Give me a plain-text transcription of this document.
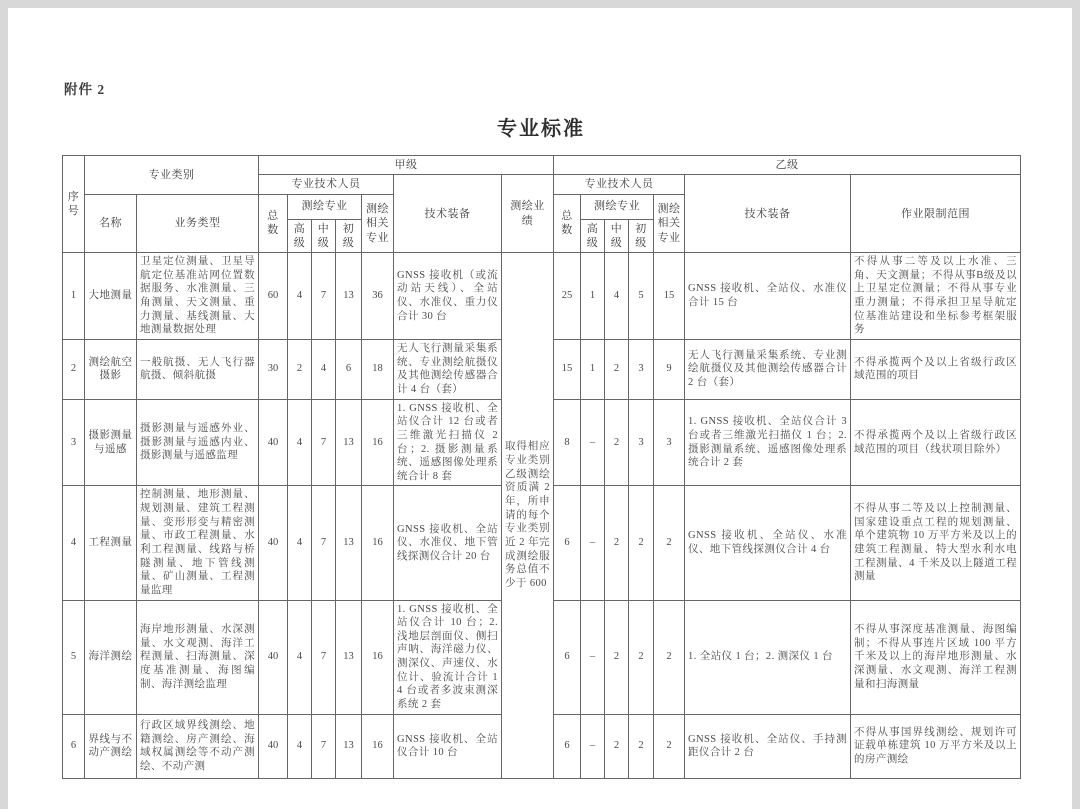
附件 2

专业标准
序号	专业类别		甲级							乙级						
			专业技术人员					技术装备	测绘业绩	专业技术人员					技术装备	作业限制范围
	名称	业务类型	总数	测绘专业			测绘相关专业			总数	测绘专业			测绘相关专业		
				高级	中级	初级					高级	中级	初级			
1	大地测量	卫星定位测量、卫星导航定位基准站网位置数据服务、水准测量、三角测量、天文测量、重力测量、基线测量、大地测量数据处理	60	4	7	13	36	GNSS 接收机（或流动站天线）、全站仪、水准仪、重力仪合计 30 台	取得相应专业类别乙级测绘资质满 2 年，所申请的每个专业类别近 2 年完成测绘服务总值不少于 600	25	1	4	5	15	GNSS 接收机、全站仪、水准仪合计 15 台	不得从事二等及以上水准、三角、天文测量；不得从事B级及以上卫星定位测量；不得从事专业重力测量；不得承担卫星导航定位基准站建设和坐标参考框架服务
2	测绘航空摄影	一般航摄、无人飞行器航摄、倾斜航摄	30	2	4	6	18	无人飞行测量采集系统、专业测绘航摄仪及其他测绘传感器合计 4 台（套）		15	1	2	3	9	无人飞行测量采集系统、专业测绘航摄仪及其他测绘传感器合计 2 台（套）	不得承揽两个及以上省级行政区域范围的项目
3	摄影测量与遥感	摄影测量与遥感外业、摄影测量与遥感内业、摄影测量与遥感监理	40	4	7	13	16	1. GNSS 接收机、全站仪合计 12 台或者三维激光扫描仪 2 台；2. 摄影测量系统、遥感图像处理系统合计 8 套		8	–	2	3	3	1. GNSS 接收机、全站仪合计 3 台或者三维激光扫描仪 1 台；2. 摄影测量系统、遥感图像处理系统合计 2 套	不得承揽两个及以上省级行政区域范围的项目（线状项目除外）
4	工程测量	控制测量、地形测量、规划测量、建筑工程测量、变形形变与精密测量、市政工程测量、水利工程测量、线路与桥隧测量、地下管线测量、矿山测量、工程测量监理	40	4	7	13	16	GNSS 接收机、全站仪、水准仪、地下管线探测仪合计 20 台		6	–	2	2	2	GNSS 接收机、全站仪、水准仪、地下管线探测仪合计 4 台	不得从事二等及以上控制测量、国家建设重点工程的规划测量、单个建筑物 10 万平方米及以上的建筑工程测量、特大型水利水电工程测量、4 千米及以上隧道工程测量
5	海洋测绘	海岸地形测量、水深测量、水文观测、海洋工程测量、扫海测量、深度基准测量、海图编制、海洋测绘监理	40	4	7	13	16	1. GNSS 接收机、全站仪合计 10 台；2. 浅地层剖面仪、侧扫声呐、海洋磁力仪、测深仪、声速仪、水位计、验流计合计 14 台或者多波束测深系统 2 套		6	–	2	2	2	1. 全站仪 1 台；2. 测深仪 1 台	不得从事深度基准测量、海图编制；不得从事连片区域 100 平方千米及以上的海岸地形测量、水深测量、水文观测、海洋工程测量和扫海测量
6	界线与不动产测绘	行政区域界线测绘、地籍测绘、房产测绘、海域权属测绘等不动产测绘、不动产测	40	4	7	13	16	GNSS 接收机、全站仪合计 10 台		6	–	2	2	2	GNSS 接收机、全站仪、手持测距仪合计 2 台	不得从事国界线测绘、规划许可证载单栋建筑 10 万平方米及以上的房产测绘
